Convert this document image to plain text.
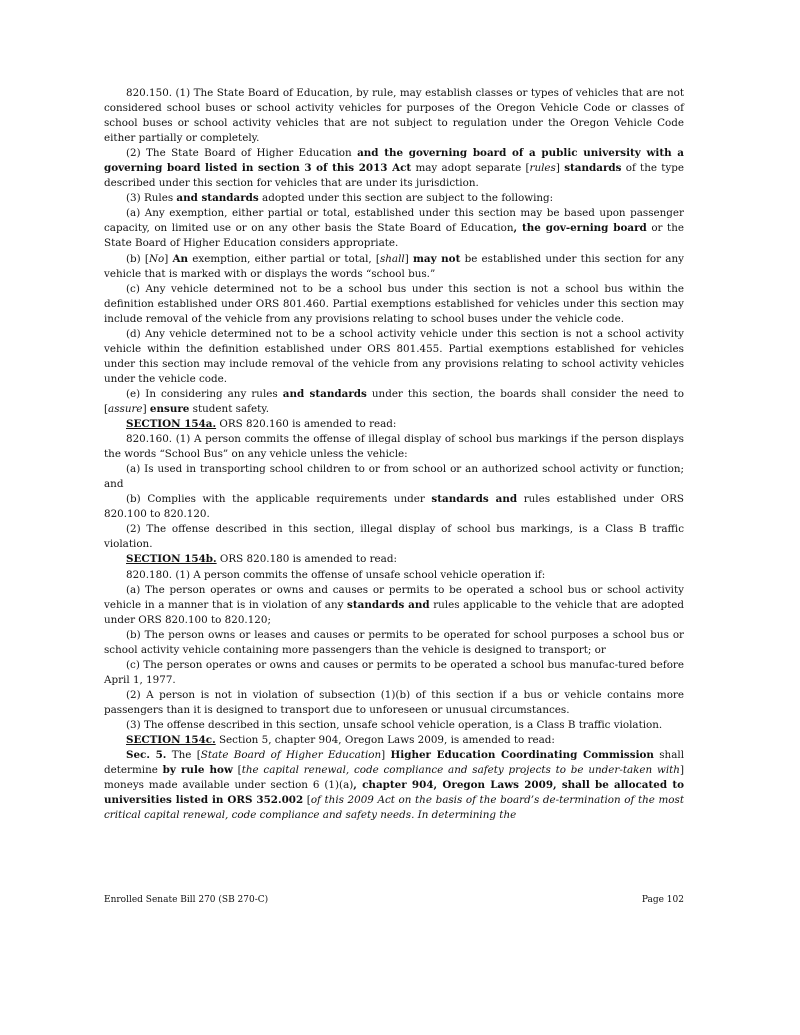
820.150. (1) The State Board of Education, by rule, may establish classes or types of vehicles that are not considered school buses or school activity vehicles for purposes of the Oregon Vehicle Code or classes of school buses or school activity vehicles that are not subject to regulation under the Oregon Vehicle Code either partially or completely.

(2) The State Board of Higher Education and the governing board of a public university with a governing board listed in section 3 of this 2013 Act may adopt separate [rules] standards of the type described under this section for vehicles that are under its jurisdiction.

(3) Rules and standards adopted under this section are subject to the following:

(a) Any exemption, either partial or total, established under this section may be based upon passenger capacity, on limited use or on any other basis the State Board of Education, the gov-erning board or the State Board of Higher Education considers appropriate.

(b) [No] An exemption, either partial or total, [shall] may not be established under this section for any vehicle that is marked with or displays the words “school bus.”

(c) Any vehicle determined not to be a school bus under this section is not a school bus within the definition established under ORS 801.460. Partial exemptions established for vehicles under this section may include removal of the vehicle from any provisions relating to school buses under the vehicle code.

(d) Any vehicle determined not to be a school activity vehicle under this section is not a school activity vehicle within the definition established under ORS 801.455. Partial exemptions established for vehicles under this section may include removal of the vehicle from any provisions relating to school activity vehicles under the vehicle code.

(e) In considering any rules and standards under this section, the boards shall consider the need to [assure] ensure student safety.

SECTION 154a. ORS 820.160 is amended to read:

820.160. (1) A person commits the offense of illegal display of school bus markings if the person displays the words “School Bus” on any vehicle unless the vehicle:

(a) Is used in transporting school children to or from school or an authorized school activity or function; and

(b) Complies with the applicable requirements under standards and rules established under ORS 820.100 to 820.120.

(2) The offense described in this section, illegal display of school bus markings, is a Class B traffic violation.

SECTION 154b. ORS 820.180 is amended to read:

820.180. (1) A person commits the offense of unsafe school vehicle operation if:

(a) The person operates or owns and causes or permits to be operated a school bus or school activity vehicle in a manner that is in violation of any standards and rules applicable to the vehicle that are adopted under ORS 820.100 to 820.120;

(b) The person owns or leases and causes or permits to be operated for school purposes a school bus or school activity vehicle containing more passengers than the vehicle is designed to transport; or

(c) The person operates or owns and causes or permits to be operated a school bus manufac-tured before April 1, 1977.

(2) A person is not in violation of subsection (1)(b) of this section if a bus or vehicle contains more passengers than it is designed to transport due to unforeseen or unusual circumstances.

(3) The offense described in this section, unsafe school vehicle operation, is a Class B traffic violation.

SECTION 154c. Section 5, chapter 904, Oregon Laws 2009, is amended to read:

Sec. 5. The [State Board of Higher Education] Higher Education Coordinating Commission shall determine by rule how [the capital renewal, code compliance and safety projects to be under-taken with] moneys made available under section 6 (1)(a), chapter 904, Oregon Laws 2009, shall be allocated to universities listed in ORS 352.002 [of this 2009 Act on the basis of the board’s de-termination of the most critical capital renewal, code compliance and safety needs. In determining the

Enrolled Senate Bill 270 (SB 270-C)	Page 102
